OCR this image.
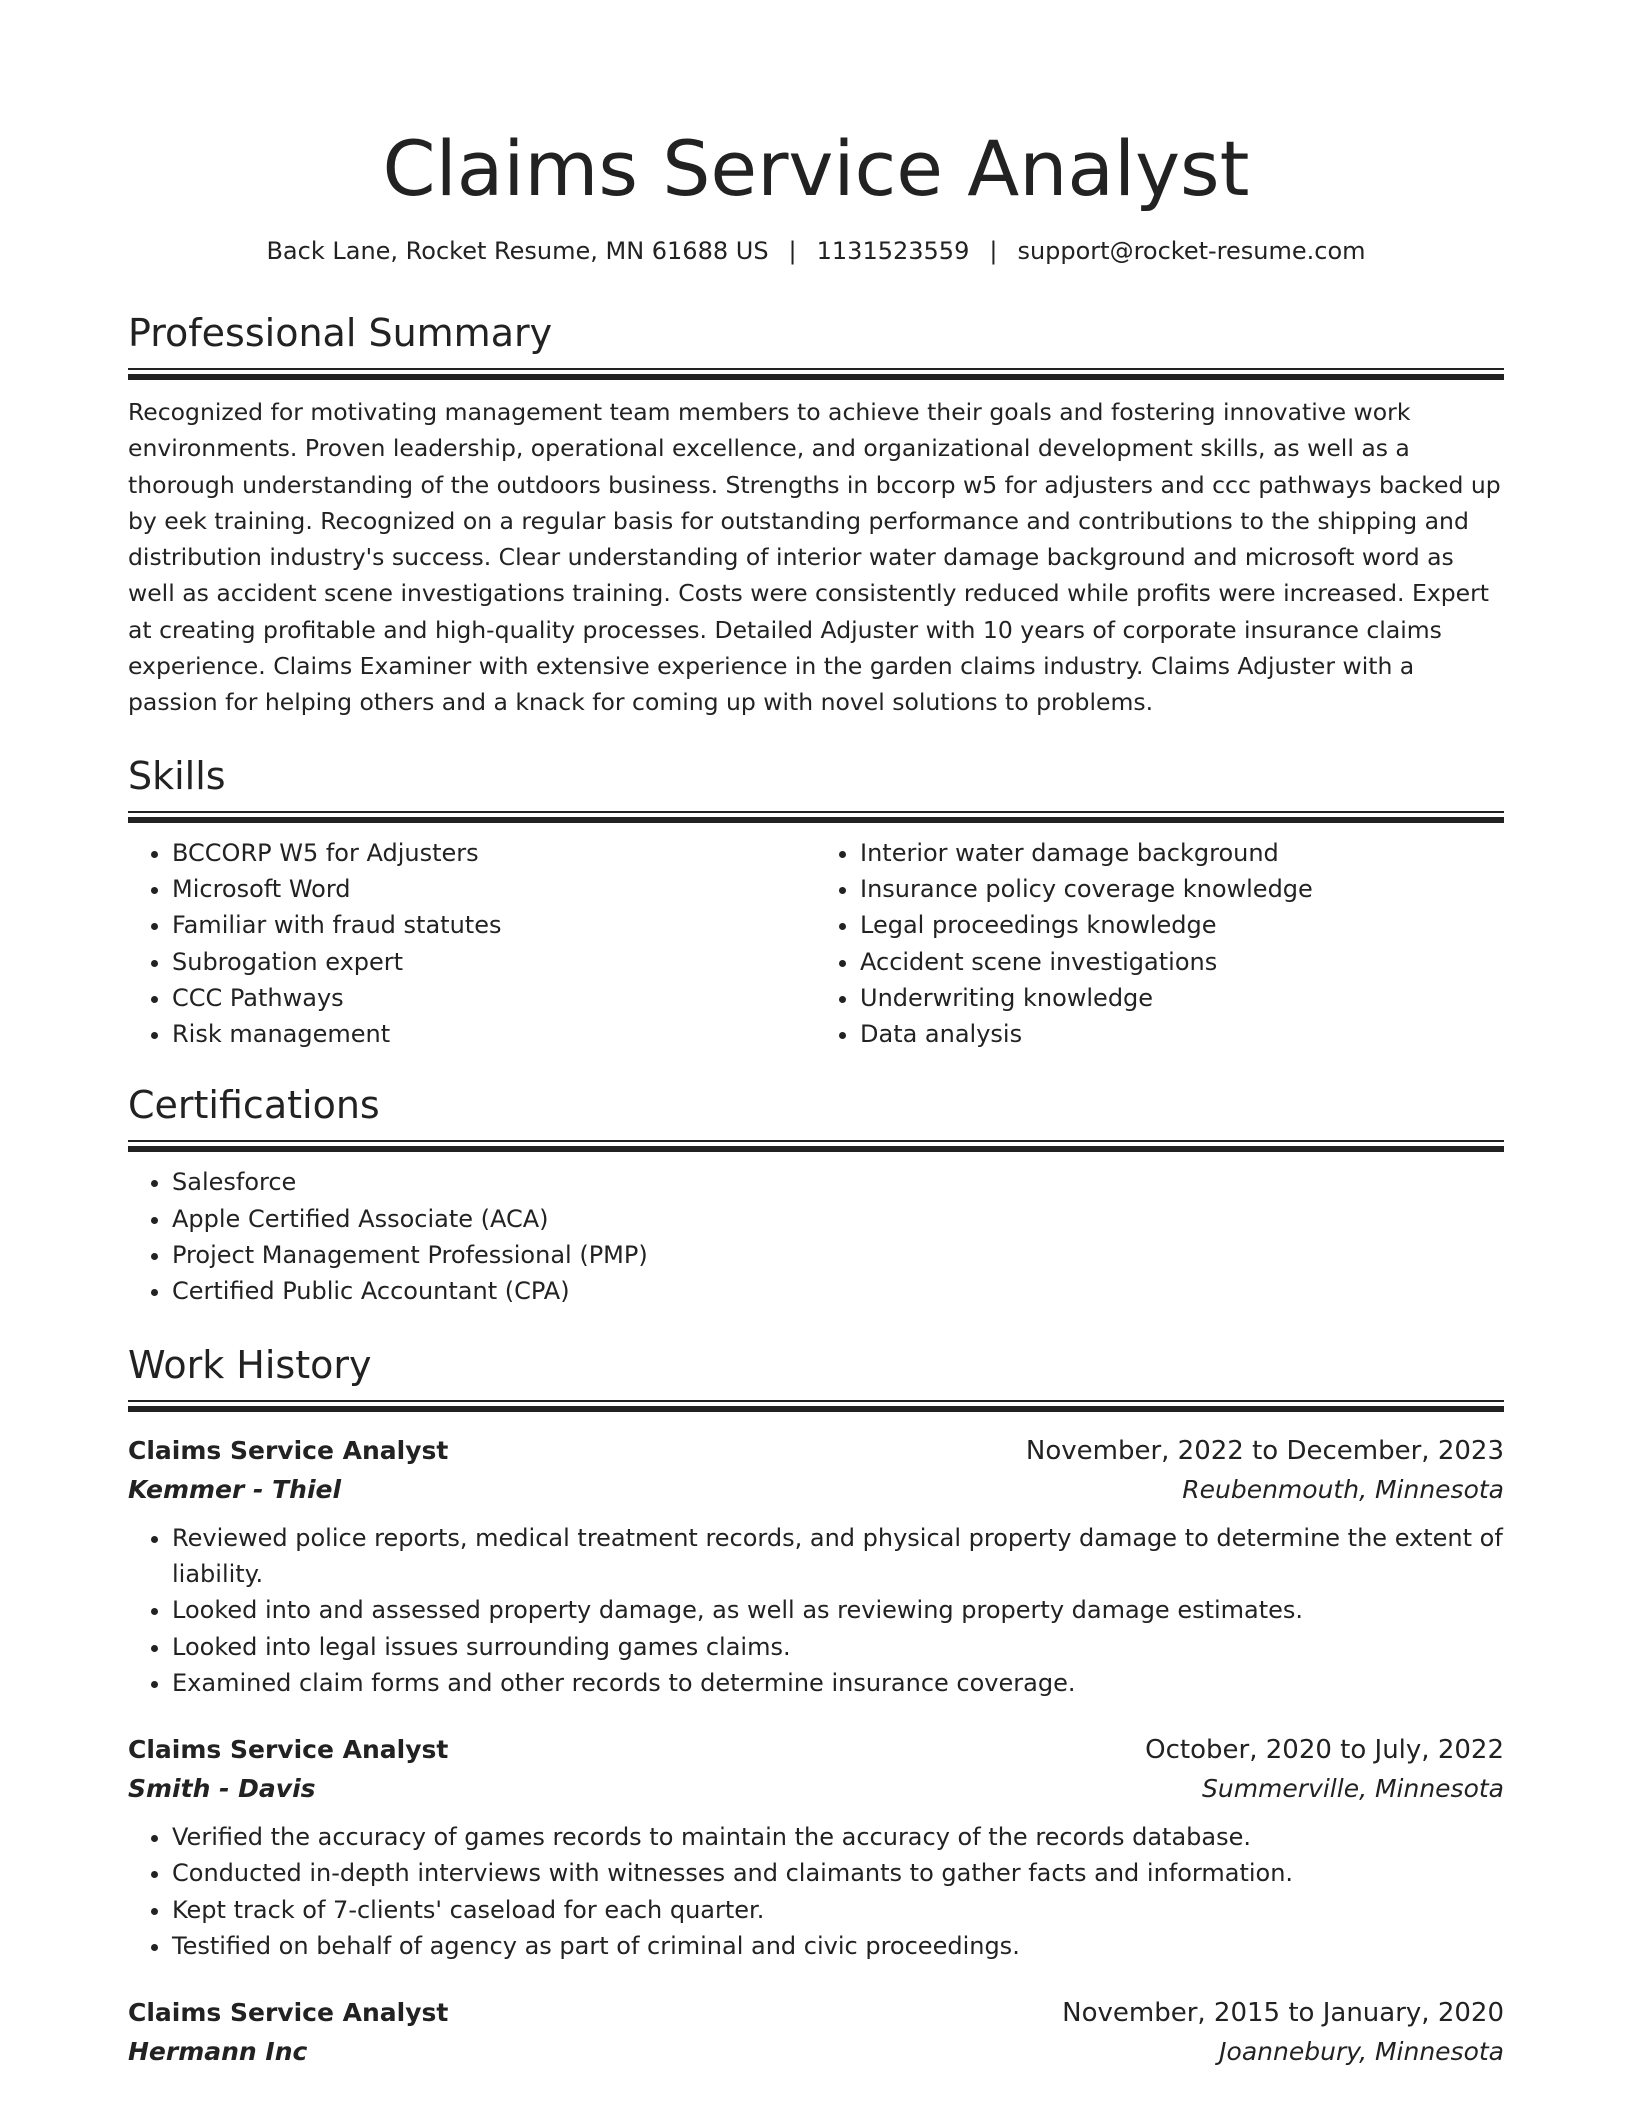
Claims Service Analyst
Back Lane, Rocket Resume, MN 61688 US | 1131523559 | support@rocket-resume.com
Professional Summary

Recognized for motivating management team members to achieve their goals and fostering innovative work environments. Proven leadership, operational excellence, and organizational development skills, as well as a thorough understanding of the outdoors business. Strengths in bccorp w5 for adjusters and ccc pathways backed up by eek training. Recognized on a regular basis for outstanding performance and contributions to the shipping and distribution industry's success. Clear understanding of interior water damage background and microsoft word as well as accident scene investigations training. Costs were consistently reduced while profits were increased. Expert at creating profitable and high-quality processes. Detailed Adjuster with 10 years of corporate insurance claims experience. Claims Examiner with extensive experience in the garden claims industry. Claims Adjuster with a passion for helping others and a knack for coming up with novel solutions to problems.

Skills
• BCCORP W5 for Adjusters
• Microsoft Word
• Familiar with fraud statutes
• Subrogation expert
• CCC Pathways
• Risk management
• Interior water damage background
• Insurance policy coverage knowledge
• Legal proceedings knowledge
• Accident scene investigations
• Underwriting knowledge
• Data analysis
Certifications
• Salesforce
• Apple Certified Associate (ACA)
• Project Management Professional (PMP)
• Certified Public Accountant (CPA)
Work History
Claims Service Analyst	November, 2022 to December, 2023
Kemmer - Thiel	Reubenmouth, Minnesota
• Reviewed police reports, medical treatment records, and physical property damage to determine the extent of liability.
• Looked into and assessed property damage, as well as reviewing property damage estimates.
• Looked into legal issues surrounding games claims.
• Examined claim forms and other records to determine insurance coverage.
Claims Service Analyst	October, 2020 to July, 2022
Smith - Davis	Summerville, Minnesota
• Verified the accuracy of games records to maintain the accuracy of the records database.
• Conducted in-depth interviews with witnesses and claimants to gather facts and information.
• Kept track of 7-clients' caseload for each quarter.
• Testified on behalf of agency as part of criminal and civic proceedings.
Claims Service Analyst	November, 2015 to January, 2020
Hermann Inc	Joannebury, Minnesota
